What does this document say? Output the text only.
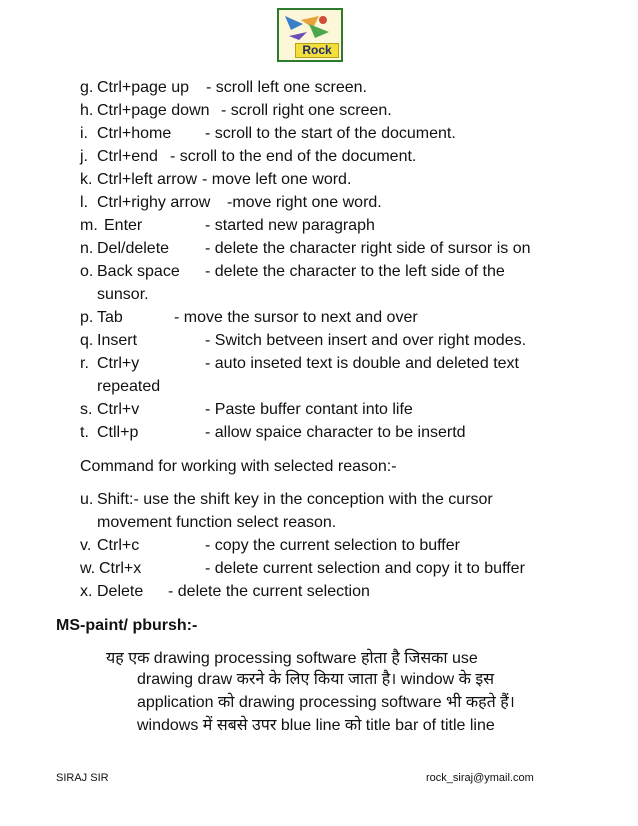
Rock
g. Ctrl+page up - scroll left one screen.
h. Ctrl+page down - scroll right one screen.
i. Ctrl+home - scroll to the start of the document.
j. Ctrl+end - scroll to the end of the document.
k. Ctrl+left arrow - move left one word.
l. Ctrl+righy arrow -move right one word.
m. Enter	- started new paragraph
n. Del/delete - delete the character right side of sursor is on
o. Back space - delete the character to the left side of the
sunsor.
p. Tab	- move the sursor to next and over
q. Insert	- Switch betveen insert and over right modes.
r. Ctrl+y	- auto inseted text is double and deleted text
repeated
s. Ctrl+v	- Paste buffer contant into life
t. Ctll+p	- allow spaice character to be insertd
Command for working with selected reason:-
u. Shift:- use the shift key in the conception with the cursor
movement function select reason.
v. Ctrl+c	- copy the current selection to buffer
w. Ctrl+x	- delete current selection and copy it to buffer
x. Delete - delete the current selection
MS-paint/ pbursh:-
यह एक drawing processing software होता है जिसका use
drawing draw करने के लिए किया जाता है। window के इस
application को drawing processing software भी कहते हैं।
windows में सबसे उपर blue line को title bar of title line
SIRAJ SIR	rock_siraj@ymail.com
